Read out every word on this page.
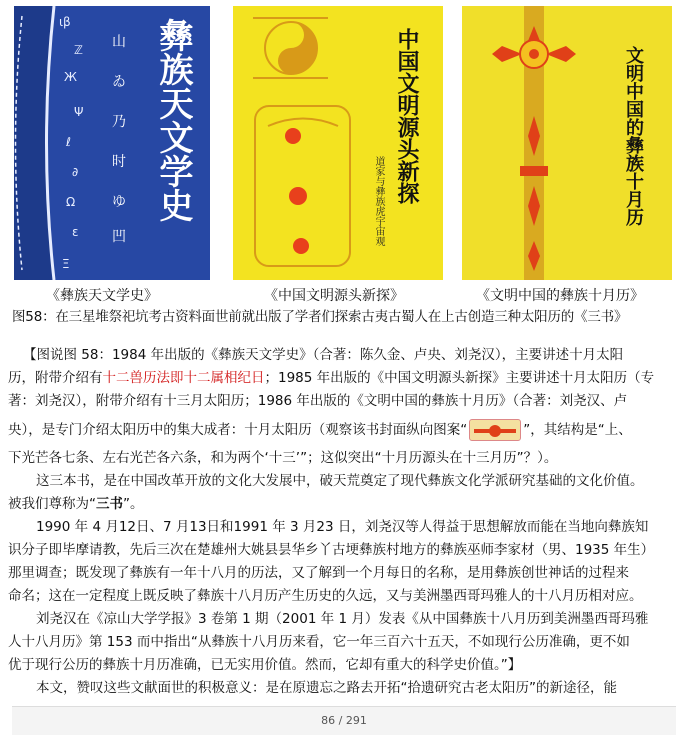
ιβ
ℤ
Ж
Ψ
ℓ
∂
Ω
ε
Ξ
山
ゐ
乃
时
ゆ
凹
彝族天文学史	中国文明源头新探
道家与彝族虎宇宙观	文明中国的彝族十月历
《彝族天文学史》	《中国文明源头新探》	《文明中国的彝族十月历》
图58：在三星堆祭祀坑考古资料面世前就出版了学者们探索古夷古蜀人在上古创造三种太阳历的《三书》

【图说图 58：1984 年出版的《彝族天文学史》（合著：陈久金、卢央、刘尧汉），主要讲述十月太阳

历，附带介绍有十二兽历法即十二属相纪日；1985 年出版的《中国文明源头新探》主要讲述十月太阳历（专

著：刘尧汉），附带介绍有十三月太阳历；1986 年出版的《文明中国的彝族十月历》（合著：刘尧汉、卢

央），是专门介绍太阳历中的集大成者：十月太阳历（观察该书封面纵向图案“	”，其结构是“上、

下光芒各七条、左右光芒各六条，和为两个‘十三’”；这似突出“十月历源头在十三月历”？）。

这三本书，是在中国改革开放的文化大发展中，破天荒奠定了现代彝族文化学派研究基础的文化价值。

被我们尊称为“三书”。

1990 年 4 月12日、7 月13日和1991 年 3 月23 日，刘尧汉等人得益于思想解放而能在当地向彝族知

识分子即毕摩请教，先后三次在楚雄州大姚县昙华乡丫古埂彝族村地方的彝族巫师李家材（男、1935 年生）

那里调查；既发现了彝族有一年十八月的历法，又了解到一个月每日的名称，是用彝族创世神话的过程来

命名；这在一定程度上既反映了彝族十八月历产生历史的久远，又与美洲墨西哥玛雅人的十八月历相对应。

刘尧汉在《凉山大学学报》3 卷第 1 期（2001 年 1 月）发表《从中国彝族十八月历到美洲墨西哥玛雅

人十八月历》第 153 而中指出“从彝族十八月历来看，它一年三百六十五天，不如现行公历准确，更不如

优于现行公历的彝族十月历准确，已无实用价值。然而，它却有重大的科学史价值。”】

本文，赞叹这些文献面世的积极意义：是在原遗忘之路去开拓“拾遗研究古老太阳历”的新途径，能

86 / 291
